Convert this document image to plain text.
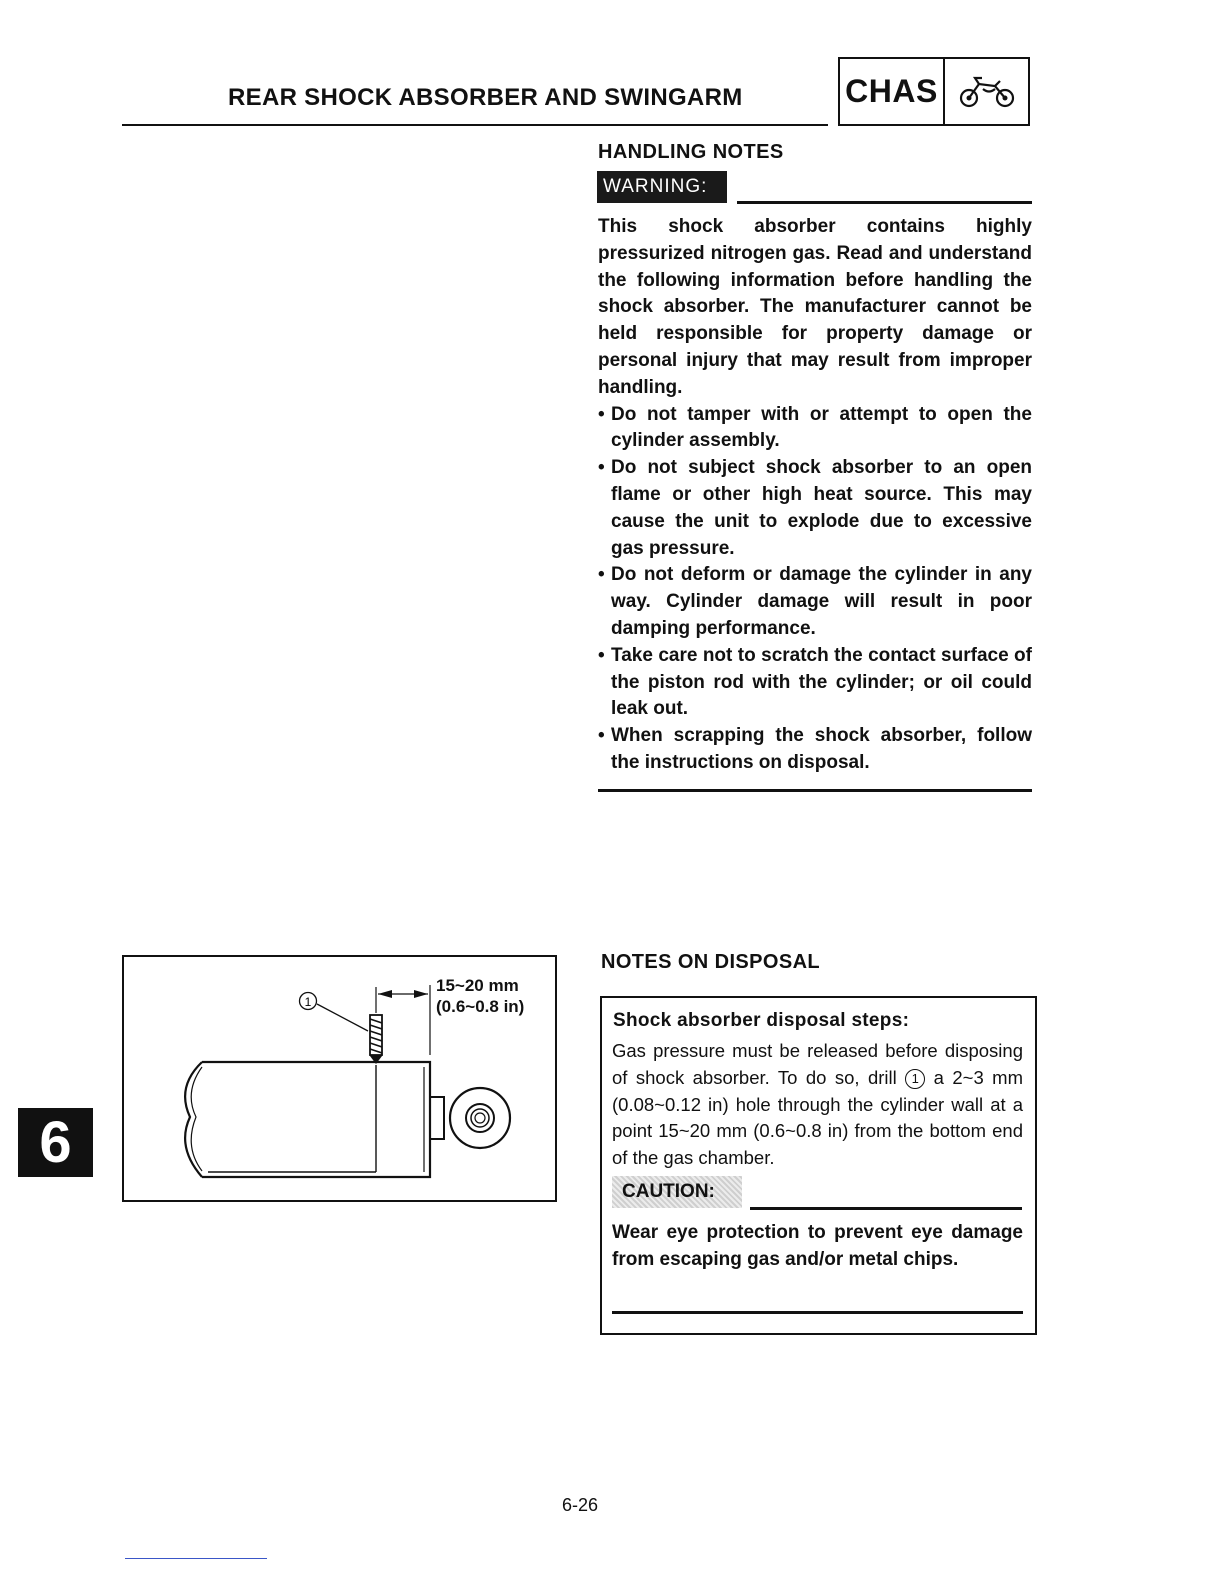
REAR SHOCK ABSORBER AND SWINGARM	CHAS
HANDLING NOTES
WARNING:

This shock absorber contains highly pressurized nitrogen gas. Read and understand the following information before handling the shock absorber. The manufacturer cannot be held responsible for property damage or personal injury that may result from improper handling.

• Do not tamper with or attempt to open the cylinder assembly.
• Do not subject shock absorber to an open flame or other high heat source. This may cause the unit to explode due to excessive gas pressure.
• Do not deform or damage the cylinder in any way. Cylinder damage will result in poor damping performance.
• Take care not to scratch the contact surface of the piston rod with the cylinder; or oil could leak out.
• When scrapping the shock absorber, follow the instructions on disposal.
1
15~20 mm
(0.6~0.8 in)
NOTES ON DISPOSAL
Shock absorber disposal steps:
Gas pressure must be released before disposing of shock absorber. To do so, drill 1 a 2~3 mm (0.08~0.12 in) hole through the cylinder wall at a point 15~20 mm (0.6~0.8 in) from the bottom end of the gas chamber.
CAUTION:
Wear eye protection to prevent eye damage from escaping gas and/or metal chips.
6
6-26
